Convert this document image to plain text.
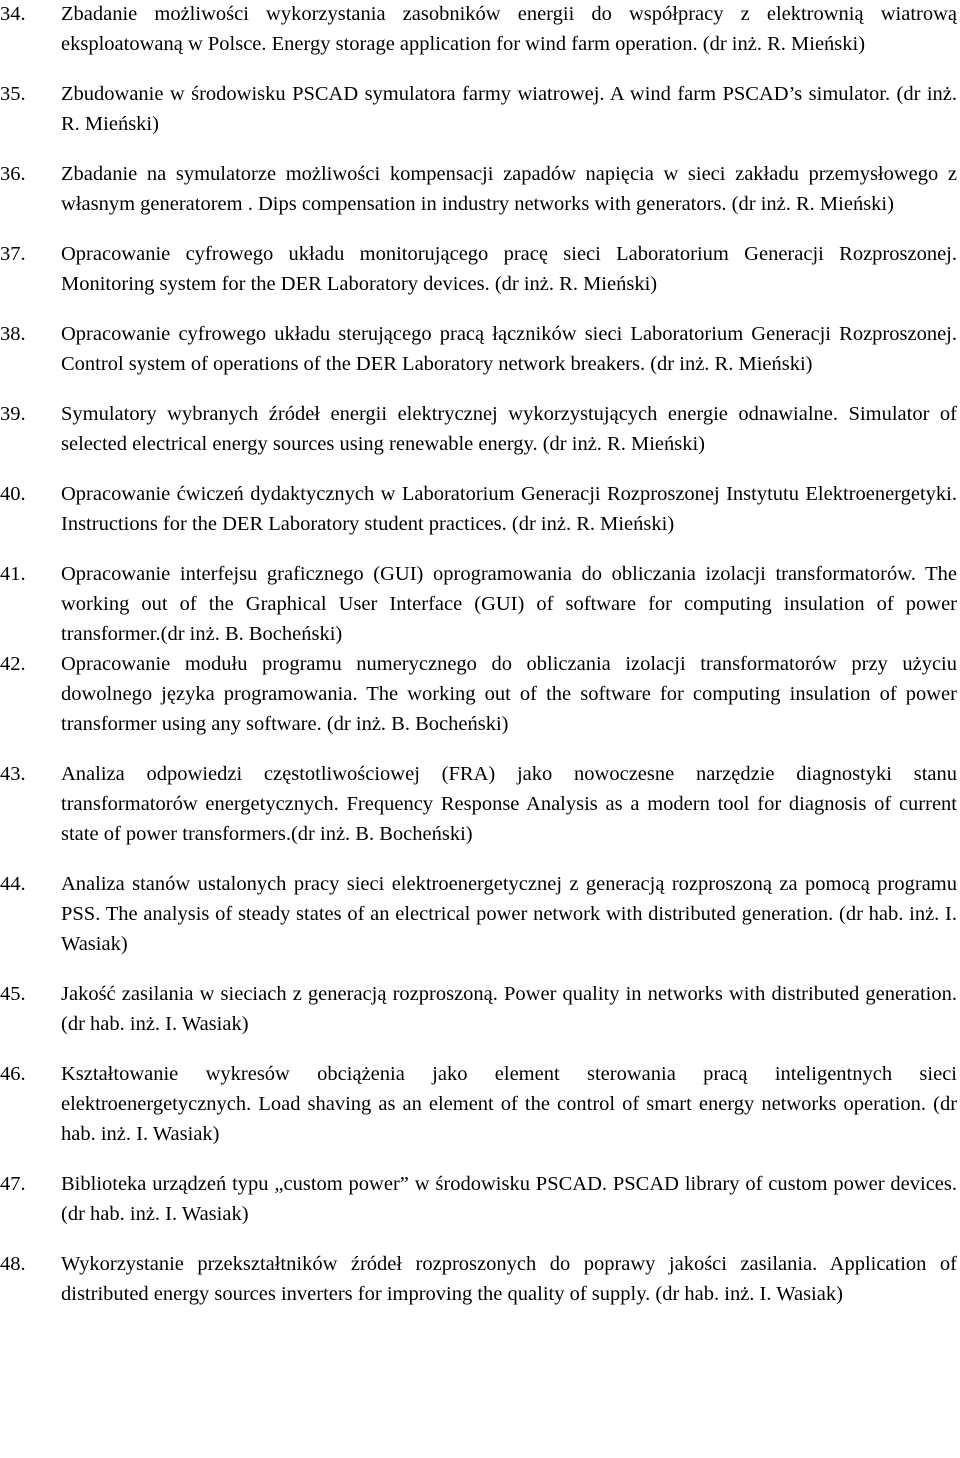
34.	Zbadanie możliwości wykorzystania zasobników energii do współpracy z elektrownią wiatrową eksploatowaną w Polsce. Energy storage application for wind farm operation. (dr inż. R. Mieński)
35.	Zbudowanie w środowisku PSCAD symulatora farmy wiatrowej. A wind farm PSCAD’s simulator. (dr inż. R. Mieński)
36.	Zbadanie na symulatorze możliwości kompensacji zapadów napięcia w sieci zakładu przemysłowego z własnym generatorem . Dips compensation in industry networks with generators. (dr inż. R. Mieński)
37.	Opracowanie cyfrowego układu monitorującego pracę sieci Laboratorium Generacji Rozproszonej. Monitoring system for the DER Laboratory devices. (dr inż. R. Mieński)
38.	Opracowanie cyfrowego układu sterującego pracą łączników sieci Laboratorium Generacji Rozproszonej. Control system of operations of the DER Laboratory network breakers. (dr inż. R. Mieński)
39.	Symulatory wybranych źródeł energii elektrycznej wykorzystujących energie odnawialne. Simulator of selected electrical energy sources using renewable energy. (dr inż. R. Mieński)
40.	Opracowanie ćwiczeń dydaktycznych w Laboratorium Generacji Rozproszonej Instytutu Elektroenergetyki. Instructions for the DER Laboratory student practices. (dr inż. R. Mieński)
41.	Opracowanie interfejsu graficznego (GUI) oprogramowania do obliczania izolacji transformatorów. The working out of the Graphical User Interface (GUI) of software for computing insulation of power transformer.(dr inż. B. Bocheński)
42.	Opracowanie modułu programu numerycznego do obliczania izolacji transformatorów przy użyciu dowolnego języka programowania. The working out of the software for computing insulation of power transformer using any software. (dr inż. B. Bocheński)
43.	Analiza odpowiedzi częstotliwościowej (FRA) jako nowoczesne narzędzie diagnostyki stanu transformatorów energetycznych. Frequency Response Analysis as a modern tool for diagnosis of current state of power transformers.(dr inż. B. Bocheński)
44.	Analiza stanów ustalonych pracy sieci elektroenergetycznej z generacją rozproszoną za pomocą programu PSS. The analysis of steady states of an electrical power network with distributed generation. (dr hab. inż. I. Wasiak)
45.	Jakość zasilania w sieciach z generacją rozproszoną. Power quality in networks with distributed generation. (dr hab. inż. I. Wasiak)
46.	Kształtowanie wykresów obciążenia jako element sterowania pracą inteligentnych sieci elektroenergetycznych. Load shaving as an element of the control of smart energy networks operation. (dr hab. inż. I. Wasiak)
47.	Biblioteka urządzeń typu „custom power” w środowisku PSCAD. PSCAD library of custom power devices. (dr hab. inż. I. Wasiak)
48.	Wykorzystanie przekształtników źródeł rozproszonych do poprawy jakości zasilania. Application of distributed energy sources inverters for improving the quality of supply. (dr hab. inż. I. Wasiak)
